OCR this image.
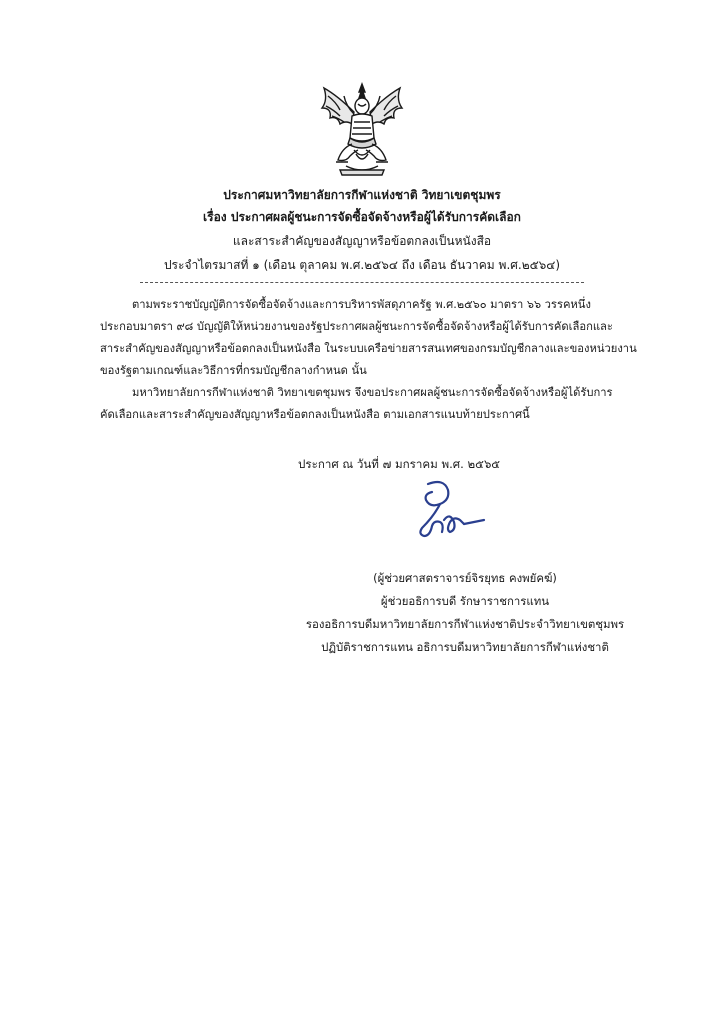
ประกาศมหาวิทยาลัยการกีฬาแห่งชาติ วิทยาเขตชุมพร
เรื่อง ประกาศผลผู้ชนะการจัดซื้อจัดจ้างหรือผู้ได้รับการคัดเลือก
และสาระสำคัญของสัญญาหรือข้อตกลงเป็นหนังสือ
ประจำไตรมาสที่ ๑ (เดือน ตุลาคม พ.ศ.๒๕๖๔ ถึง เดือน ธันวาคม พ.ศ.๒๕๖๔)
ตามพระราชบัญญัติการจัดซื้อจัดจ้างและการบริหารพัสดุภาครัฐ พ.ศ.๒๕๖๐ มาตรา ๖๖ วรรคหนึ่ง
ประกอบมาตรา ๙๘ บัญญัติให้หน่วยงานของรัฐประกาศผลผู้ชนะการจัดซื้อจัดจ้างหรือผู้ได้รับการคัดเลือกและ
สาระสำคัญของสัญญาหรือข้อตกลงเป็นหนังสือ ในระบบเครือข่ายสารสนเทศของกรมบัญชีกลางและของหน่วยงาน
ของรัฐตามเกณฑ์และวิธีการที่กรมบัญชีกลางกำหนด นั้น
มหาวิทยาลัยการกีฬาแห่งชาติ วิทยาเขตชุมพร จึงขอประกาศผลผู้ชนะการจัดซื้อจัดจ้างหรือผู้ได้รับการ
คัดเลือกและสาระสำคัญของสัญญาหรือข้อตกลงเป็นหนังสือ ตามเอกสารแนบท้ายประกาศนี้
ประกาศ ณ วันที่ ๗ มกราคม พ.ศ. ๒๕๖๕
(ผู้ช่วยศาสตราจารย์จิรยุทธ คงพยัคฆ์)
ผู้ช่วยอธิการบดี รักษาราชการแทน
รองอธิการบดีมหาวิทยาลัยการกีฬาแห่งชาติประจำวิทยาเขตชุมพร
ปฏิบัติราชการแทน อธิการบดีมหาวิทยาลัยการกีฬาแห่งชาติ
